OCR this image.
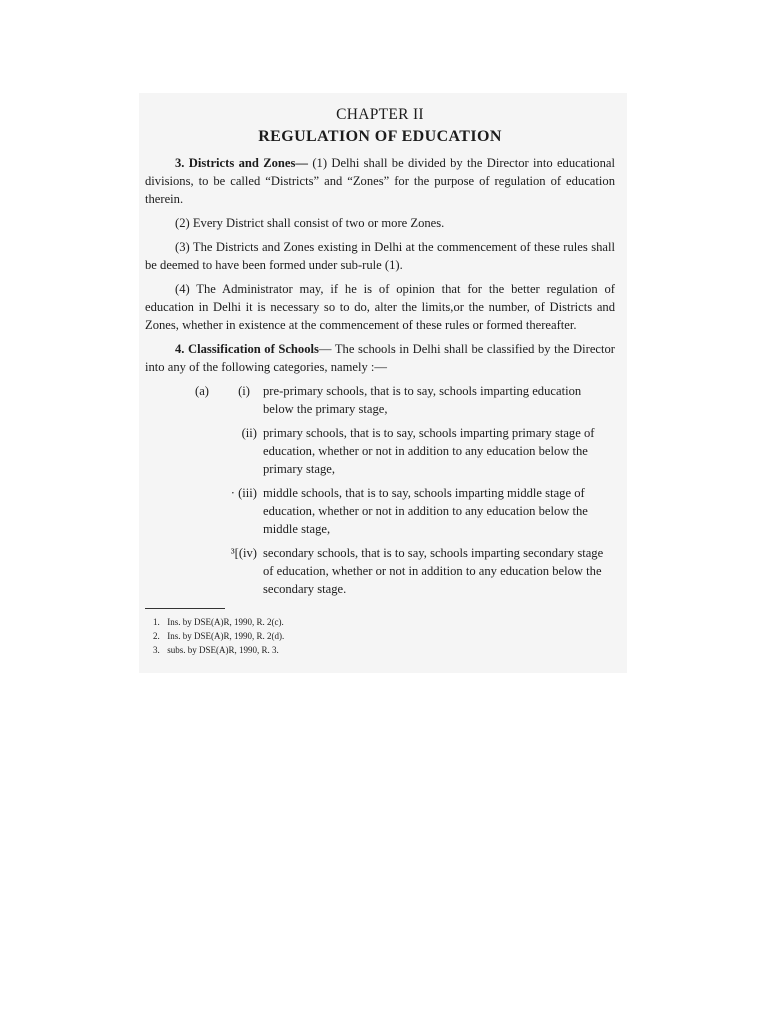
CHAPTER II
REGULATION OF EDUCATION

3. Districts and Zones— (1) Delhi shall be divided by the Director into educational divisions, to be called “Districts” and “Zones” for the purpose of regulation of education therein.

(2) Every District shall consist of two or more Zones.

(3) The Districts and Zones existing in Delhi at the commencement of these rules shall be deemed to have been formed under sub-rule (1).

(4) The Administrator may, if he is of opinion that for the better regulation of education in Delhi it is necessary so to do, alter the limits,or the number, of Districts and Zones, whether in existence at the commencement of these rules or formed thereafter.

4. Classification of Schools— The schools in Delhi shall be classified by the Director into any of the following categories, namely :—

(a)	(i) pre-primary schools, that is to say, schools imparting education below the primary stage,
(ii) primary schools, that is to say, schools imparting primary stage of education, whether or not in addition to any education below the primary stage,
· (iii) middle schools, that is to say, schools imparting middle stage of education, whether or not in addition to any education below the middle stage,
³[(iv) secondary schools, that is to say, schools imparting secondary stage of education, whether or not in addition to any education below the secondary stage.
1. Ins. by DSE(A)R, 1990, R. 2(c).
2. Ins. by DSE(A)R, 1990, R. 2(d).
3. subs. by DSE(A)R, 1990, R. 3.
